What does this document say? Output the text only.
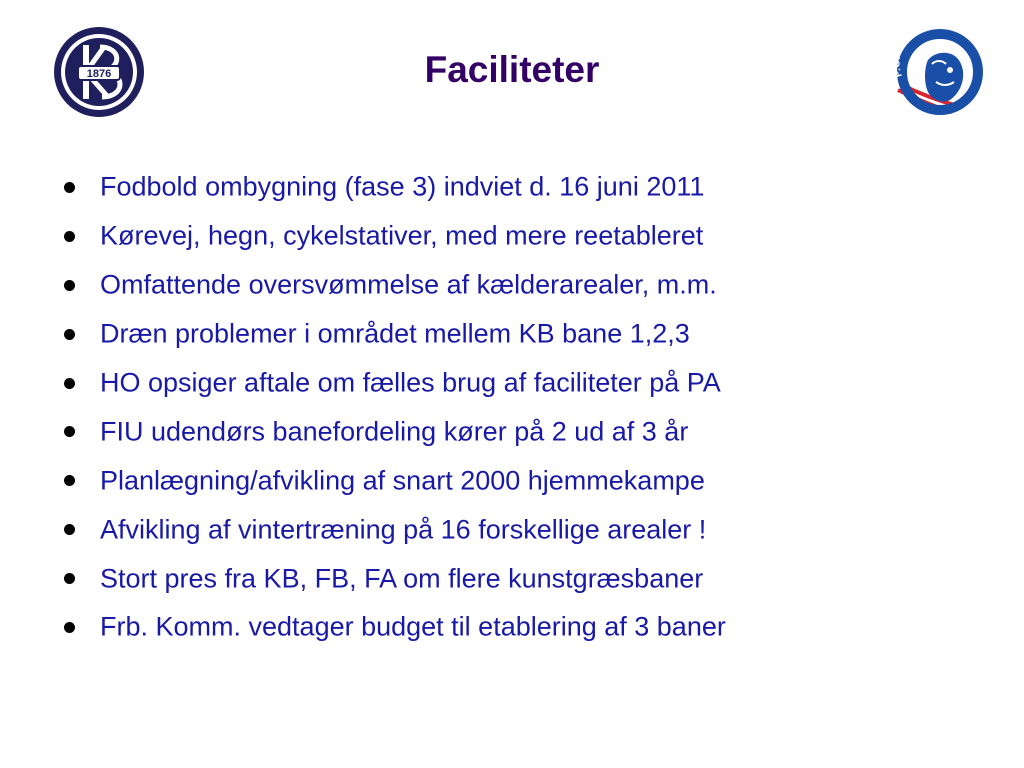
1876	Faciliteter	F.C. KØBENHAVN
Fodbold ombygning (fase 3) indviet d. 16 juni 2011
Kørevej, hegn, cykelstativer, med mere reetableret
Omfattende oversvømmelse af kælderarealer, m.m.
Dræn problemer i området mellem KB bane 1,2,3
HO opsiger aftale om fælles brug af faciliteter på PA
FIU udendørs banefordeling kører på 2 ud af 3 år
Planlægning/afvikling af snart 2000 hjemmekampe
Afvikling af vintertræning på 16 forskellige arealer !
Stort pres fra KB, FB, FA om flere kunstgræsbaner
Frb. Komm. vedtager budget til etablering af 3 baner
